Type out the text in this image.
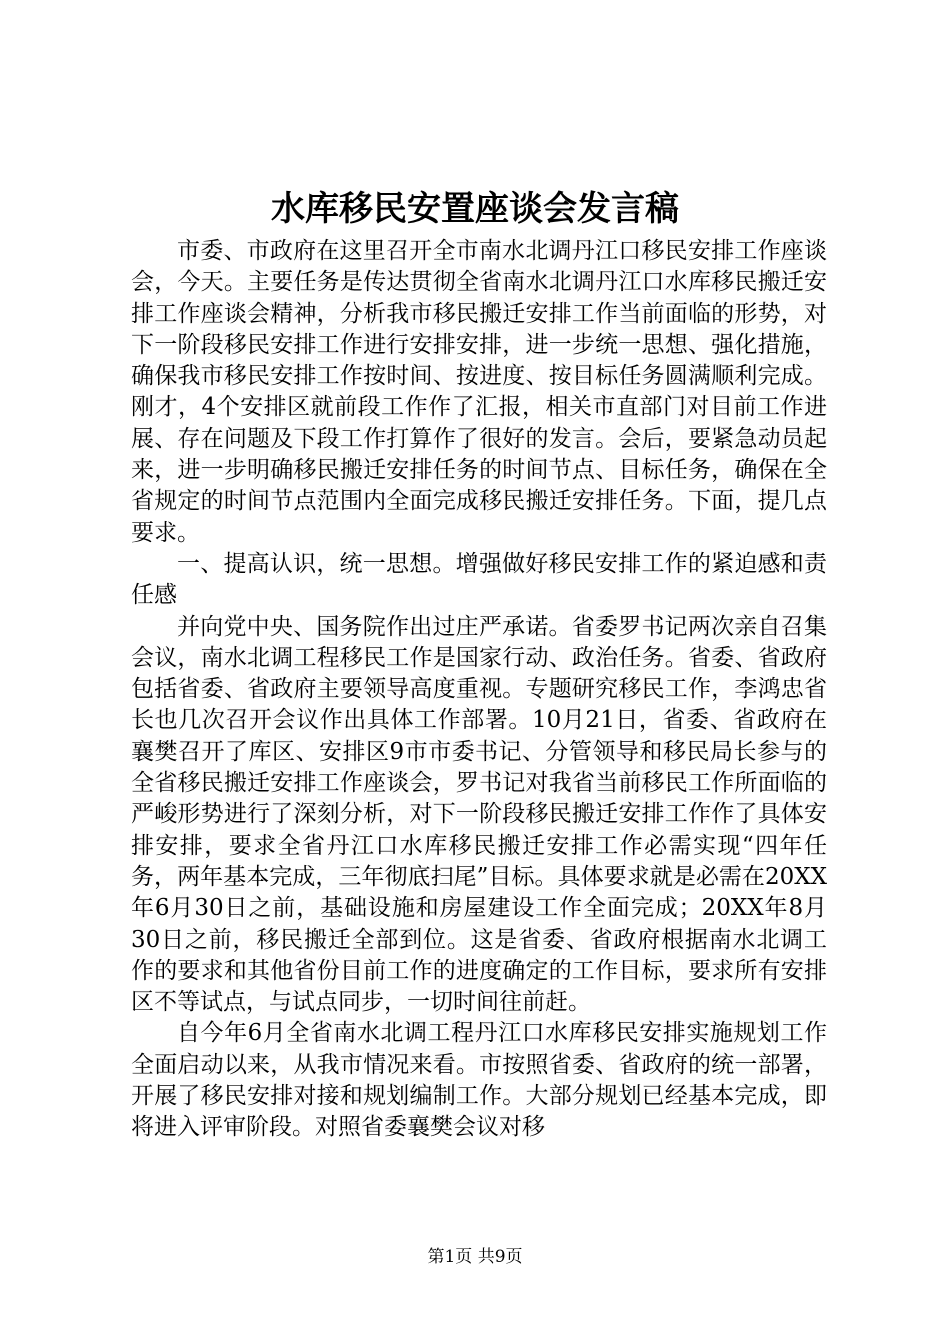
水库移民安置座谈会发言稿

市委、市政府在这里召开全市南水北调丹江口移民安排工作座谈会，今天。主要任务是传达贯彻全省南水北调丹江口水库移民搬迁安排工作座谈会精神，分析我市移民搬迁安排工作当前面临的形势，对下一阶段移民安排工作进行安排安排，进一步统一思想、强化措施，确保我市移民安排工作按时间、按进度、按目标任务圆满顺利完成。刚才，4个安排区就前段工作作了汇报，相关市直部门对目前工作进展、存在问题及下段工作打算作了很好的发言。会后，要紧急动员起来，进一步明确移民搬迁安排任务的时间节点、目标任务，确保在全省规定的时间节点范围内全面完成移民搬迁安排任务。下面，提几点要求。

一、提高认识，统一思想。增强做好移民安排工作的紧迫感和责任感

并向党中央、国务院作出过庄严承诺。省委罗书记两次亲自召集会议，南水北调工程移民工作是国家行动、政治任务。省委、省政府包括省委、省政府主要领导高度重视。专题研究移民工作，李鸿忠省长也几次召开会议作出具体工作部署。10月21日，省委、省政府在襄樊召开了库区、安排区9市市委书记、分管领导和移民局长参与的全省移民搬迁安排工作座谈会，罗书记对我省当前移民工作所面临的严峻形势进行了深刻分析，对下一阶段移民搬迁安排工作作了具体安排安排，要求全省丹江口水库移民搬迁安排工作必需实现“四年任务，两年基本完成，三年彻底扫尾”目标。具体要求就是必需在20XX年6月30日之前，基础设施和房屋建设工作全面完成；20XX年8月30日之前，移民搬迁全部到位。这是省委、省政府根据南水北调工作的要求和其他省份目前工作的进度确定的工作目标，要求所有安排区不等试点，与试点同步，一切时间往前赶。

自今年6月全省南水北调工程丹江口水库移民安排实施规划工作全面启动以来，从我市情况来看。市按照省委、省政府的统一部署，开展了移民安排对接和规划编制工作。大部分规划已经基本完成，即将进入评审阶段。对照省委襄樊会议对移

第1页 共9页
